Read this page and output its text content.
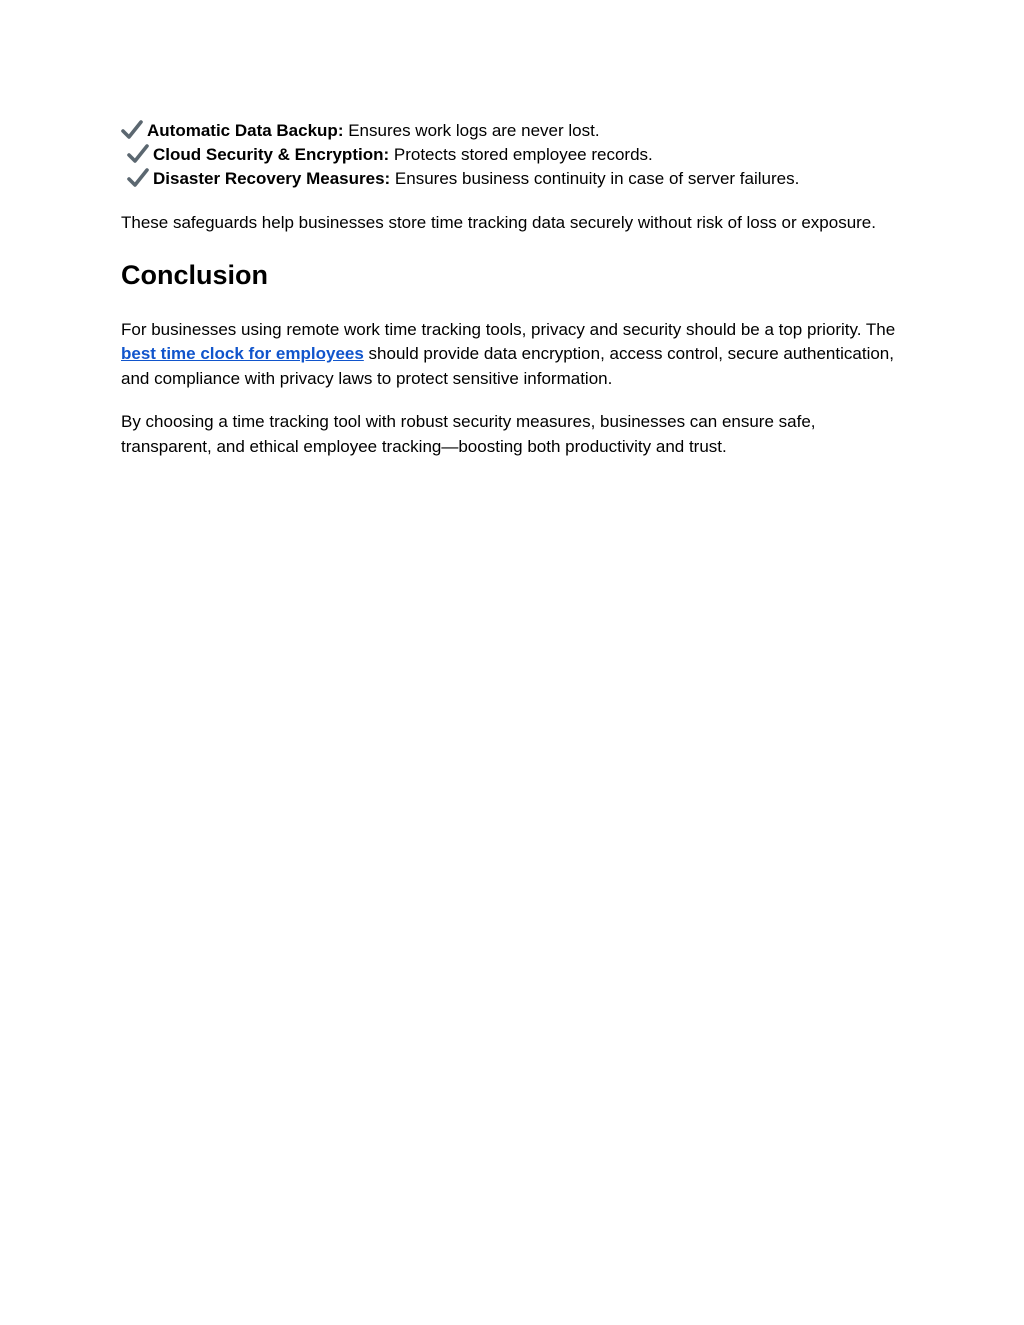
Automatic Data Backup: Ensures work logs are never lost.
Cloud Security & Encryption: Protects stored employee records.
Disaster Recovery Measures: Ensures business continuity in case of server failures.

These safeguards help businesses store time tracking data securely without risk of loss or exposure.

Conclusion

For businesses using remote work time tracking tools, privacy and security should be a top priority. The best time clock for employees should provide data encryption, access control, secure authentication, and compliance with privacy laws to protect sensitive information.

By choosing a time tracking tool with robust security measures, businesses can ensure safe, transparent, and ethical employee tracking—boosting both productivity and trust.
